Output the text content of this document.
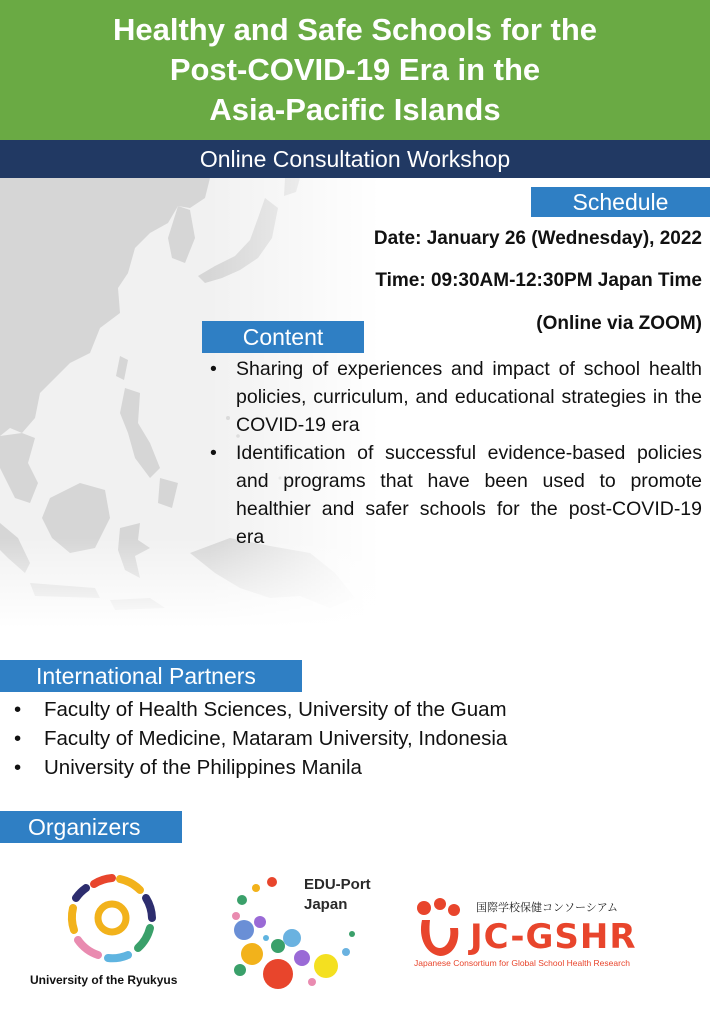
Healthy and Safe Schools for the
Post-COVID-19 Era in the
Asia-Pacific Islands
Online Consultation Workshop
Schedule
Date: January 26 (Wednesday), 2022
Time: 09:30AM-12:30PM Japan Time
(Online via ZOOM)
Content
• Sharing of experiences and impact of school health policies, curriculum, and educational strategies in the COVID-19 era
• Identification of successful evidence-based policies and programs that have been used to promote healthier and safer schools for the post-COVID-19 era
International Partners
• Faculty of Health Sciences, University of the Guam
• Faculty of Medicine, Mataram University, Indonesia
• University of the Philippines Manila
Organizers
University of the Ryukyus
EDU-Port
Japan	国際学校保健コンソーシアム
JC-GSHR
Japanese Consortium for Global School Health Research
